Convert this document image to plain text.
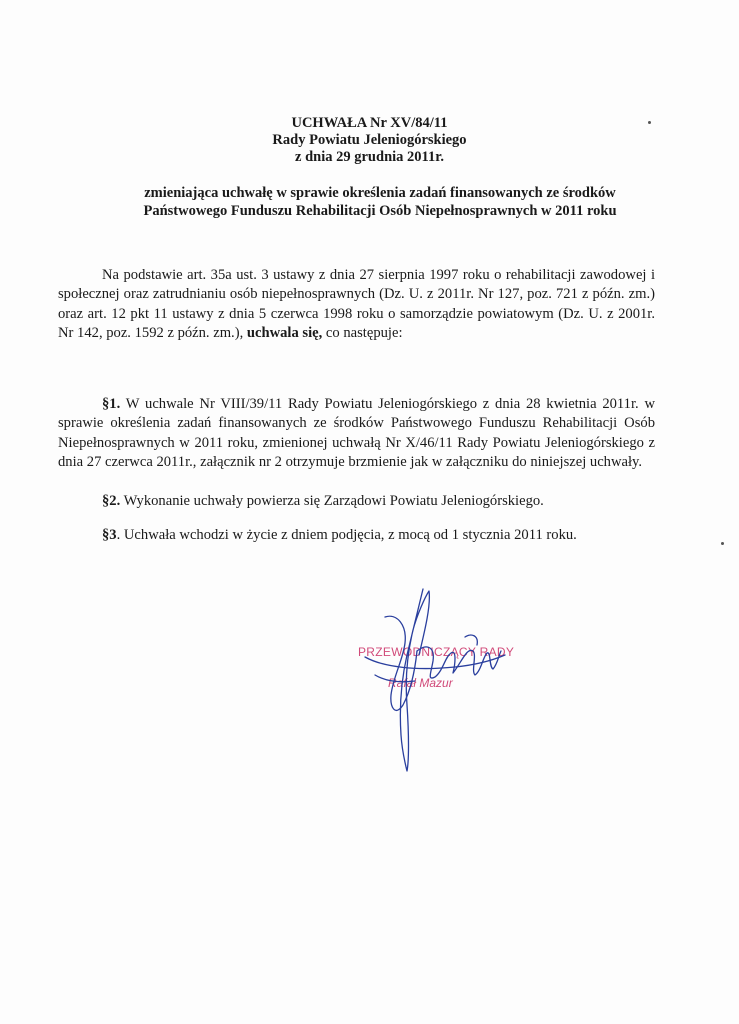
UCHWAŁA Nr XV/84/11
Rady Powiatu Jeleniogórskiego
z dnia 29 grudnia 2011r.
zmieniająca uchwałę w sprawie określenia zadań finansowanych ze środków
Państwowego Funduszu Rehabilitacji Osób Niepełnosprawnych w 2011 roku

Na podstawie art. 35a ust. 3 ustawy z dnia 27 sierpnia 1997 roku o rehabilitacji zawodowej i społecznej oraz zatrudnianiu osób niepełnosprawnych (Dz. U. z 2011r. Nr 127, poz. 721 z późn. zm.) oraz art. 12 pkt 11 ustawy z dnia 5 czerwca 1998 roku o samorządzie powiatowym (Dz. U. z 2001r. Nr 142, poz. 1592 z późn. zm.), uchwala się, co następuje:

§1. W uchwale Nr VIII/39/11 Rady Powiatu Jeleniogórskiego z dnia 28 kwietnia 2011r. w sprawie określenia zadań finansowanych ze środków Państwowego Funduszu Rehabilitacji Osób Niepełnosprawnych w 2011 roku, zmienionej uchwałą Nr X/46/11 Rady Powiatu Jeleniogórskiego z dnia 27 czerwca 2011r., załącznik nr 2 otrzymuje brzmienie jak w załączniku do niniejszej uchwały.

§2. Wykonanie uchwały powierza się Zarządowi Powiatu Jeleniogórskiego.

§3. Uchwała wchodzi w życie z dniem podjęcia, z mocą od 1 stycznia 2011 roku.

PRZEWODNICZĄCY RADY
Rafał Mazur
